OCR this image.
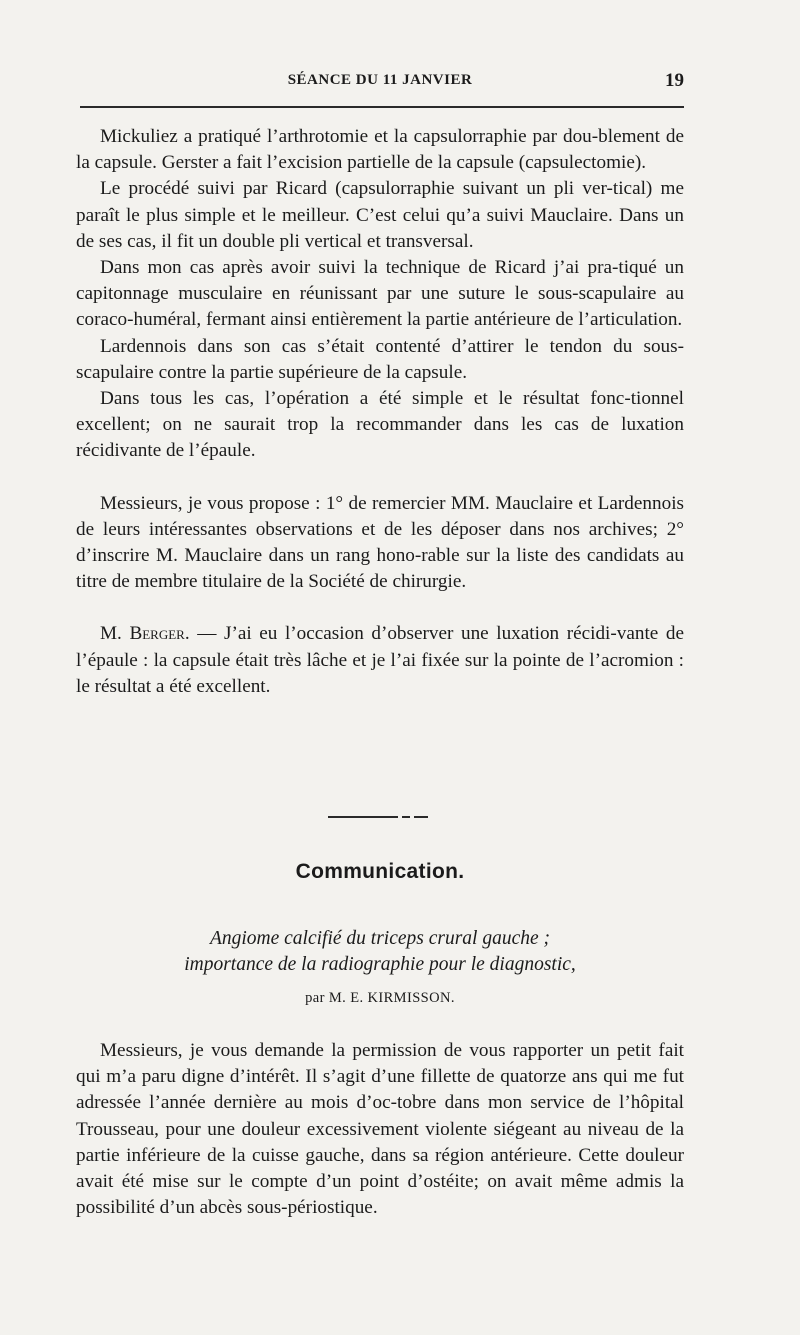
SÉANCE DU 11 JANVIER	19

Mickuliez a pratiqué l’arthrotomie et la capsulorraphie par dou-blement de la capsule. Gerster a fait l’excision partielle de la capsule (capsulectomie).

Le procédé suivi par Ricard (capsulorraphie suivant un pli ver-tical) me paraît le plus simple et le meilleur. C’est celui qu’a suivi Mauclaire. Dans un de ses cas, il fit un double pli vertical et transversal.

Dans mon cas après avoir suivi la technique de Ricard j’ai pra-tiqué un capitonnage musculaire en réunissant par une suture le sous-scapulaire au coraco-huméral, fermant ainsi entièrement la partie antérieure de l’articulation.

Lardennois dans son cas s’était contenté d’attirer le tendon du sous-scapulaire contre la partie supérieure de la capsule.

Dans tous les cas, l’opération a été simple et le résultat fonc-tionnel excellent; on ne saurait trop la recommander dans les cas de luxation récidivante de l’épaule.

Messieurs, je vous propose : 1° de remercier MM. Mauclaire et Lardennois de leurs intéressantes observations et de les déposer dans nos archives; 2° d’inscrire M. Mauclaire dans un rang hono-rable sur la liste des candidats au titre de membre titulaire de la Société de chirurgie.

M. Berger. — J’ai eu l’occasion d’observer une luxation récidi-vante de l’épaule : la capsule était très lâche et je l’ai fixée sur la pointe de l’acromion : le résultat a été excellent.

Communication.
Angiome calcifié du triceps crural gauche ;
importance de la radiographie pour le diagnostic,
par M. E. KIRMISSON.

Messieurs, je vous demande la permission de vous rapporter un petit fait qui m’a paru digne d’intérêt. Il s’agit d’une fillette de quatorze ans qui me fut adressée l’année dernière au mois d’oc-tobre dans mon service de l’hôpital Trousseau, pour une douleur excessivement violente siégeant au niveau de la partie inférieure de la cuisse gauche, dans sa région antérieure. Cette douleur avait été mise sur le compte d’un point d’ostéite; on avait même admis la possibilité d’un abcès sous-périostique.
